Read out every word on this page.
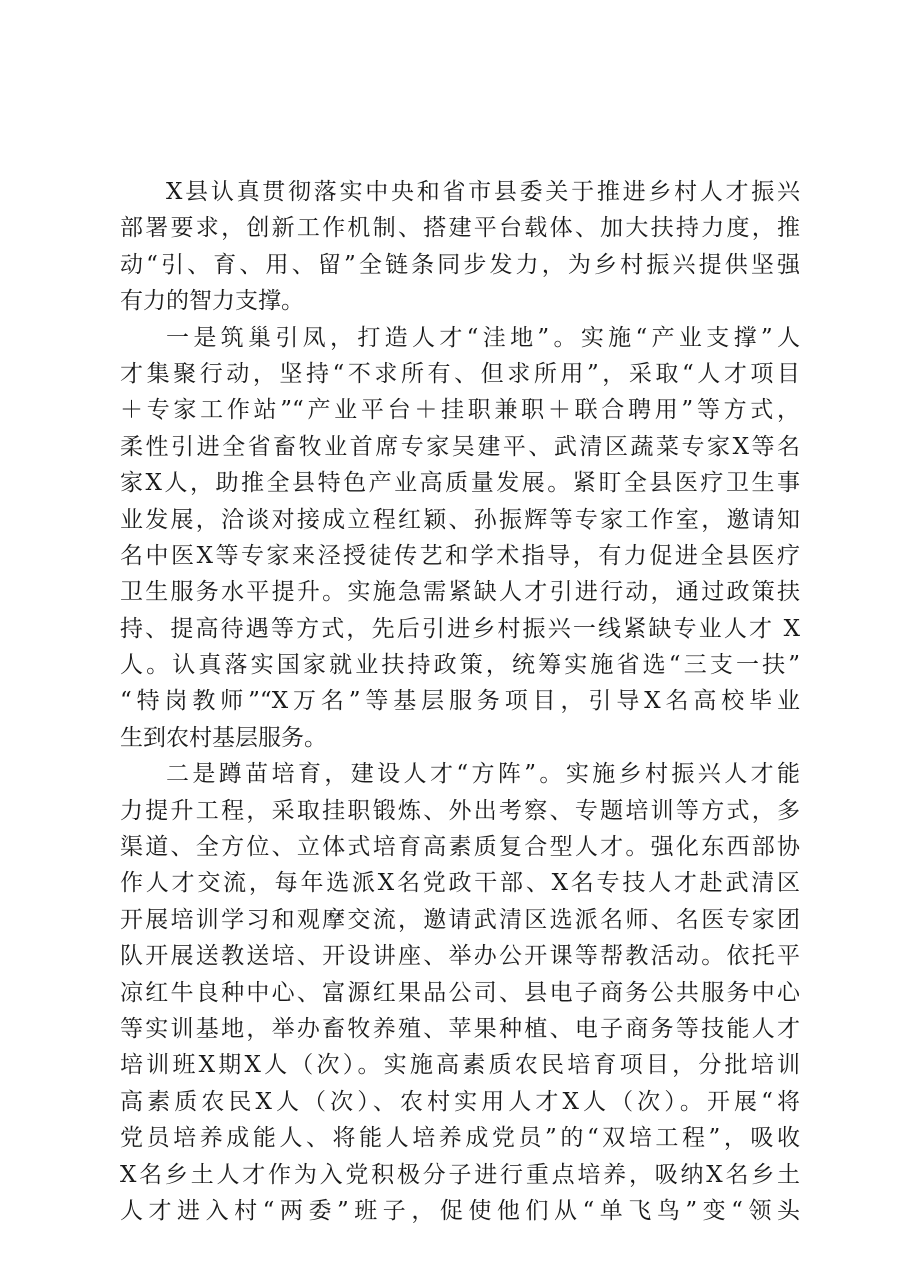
X县认真贯彻落实中央和省市县委关于推进乡村人才振兴
部署要求，创新工作机制、搭建平台载体、加大扶持力度，推
动“引、育、用、留”全链条同步发力，为乡村振兴提供坚强
有力的智力支撑。
一是筑巢引凤，打造人才“洼地”。实施“产业支撑”人
才集聚行动，坚持“不求所有、但求所用”，采取“人才项目
＋专家工作站”“产业平台＋挂职兼职＋联合聘用”等方式，
柔性引进全省畜牧业首席专家吴建平、武清区蔬菜专家X等名
家X人，助推全县特色产业高质量发展。紧盯全县医疗卫生事
业发展，洽谈对接成立程红颖、孙振辉等专家工作室，邀请知
名中医X等专家来泾授徒传艺和学术指导，有力促进全县医疗
卫生服务水平提升。实施急需紧缺人才引进行动，通过政策扶
持、提高待遇等方式，先后引进乡村振兴一线紧缺专业人才 X
人。认真落实国家就业扶持政策，统筹实施省选“三支一扶”
“特岗教师”“X万名”等基层服务项目，引导X名高校毕业
生到农村基层服务。
二是蹲苗培育，建设人才“方阵”。实施乡村振兴人才能
力提升工程，采取挂职锻炼、外出考察、专题培训等方式，多
渠道、全方位、立体式培育高素质复合型人才。强化东西部协
作人才交流，每年选派X名党政干部、X名专技人才赴武清区
开展培训学习和观摩交流，邀请武清区选派名师、名医专家团
队开展送教送培、开设讲座、举办公开课等帮教活动。依托平
凉红牛良种中心、富源红果品公司、县电子商务公共服务中心
等实训基地，举办畜牧养殖、苹果种植、电子商务等技能人才
培训班X期X人（次）。实施高素质农民培育项目，分批培训
高素质农民X人（次）、农村实用人才X人（次）。开展“将
党员培养成能人、将能人培养成党员”的“双培工程”，吸收
X名乡土人才作为入党积极分子进行重点培养，吸纳X名乡土
人才进入村“两委”班子，促使他们从“单飞鸟”变“领头
